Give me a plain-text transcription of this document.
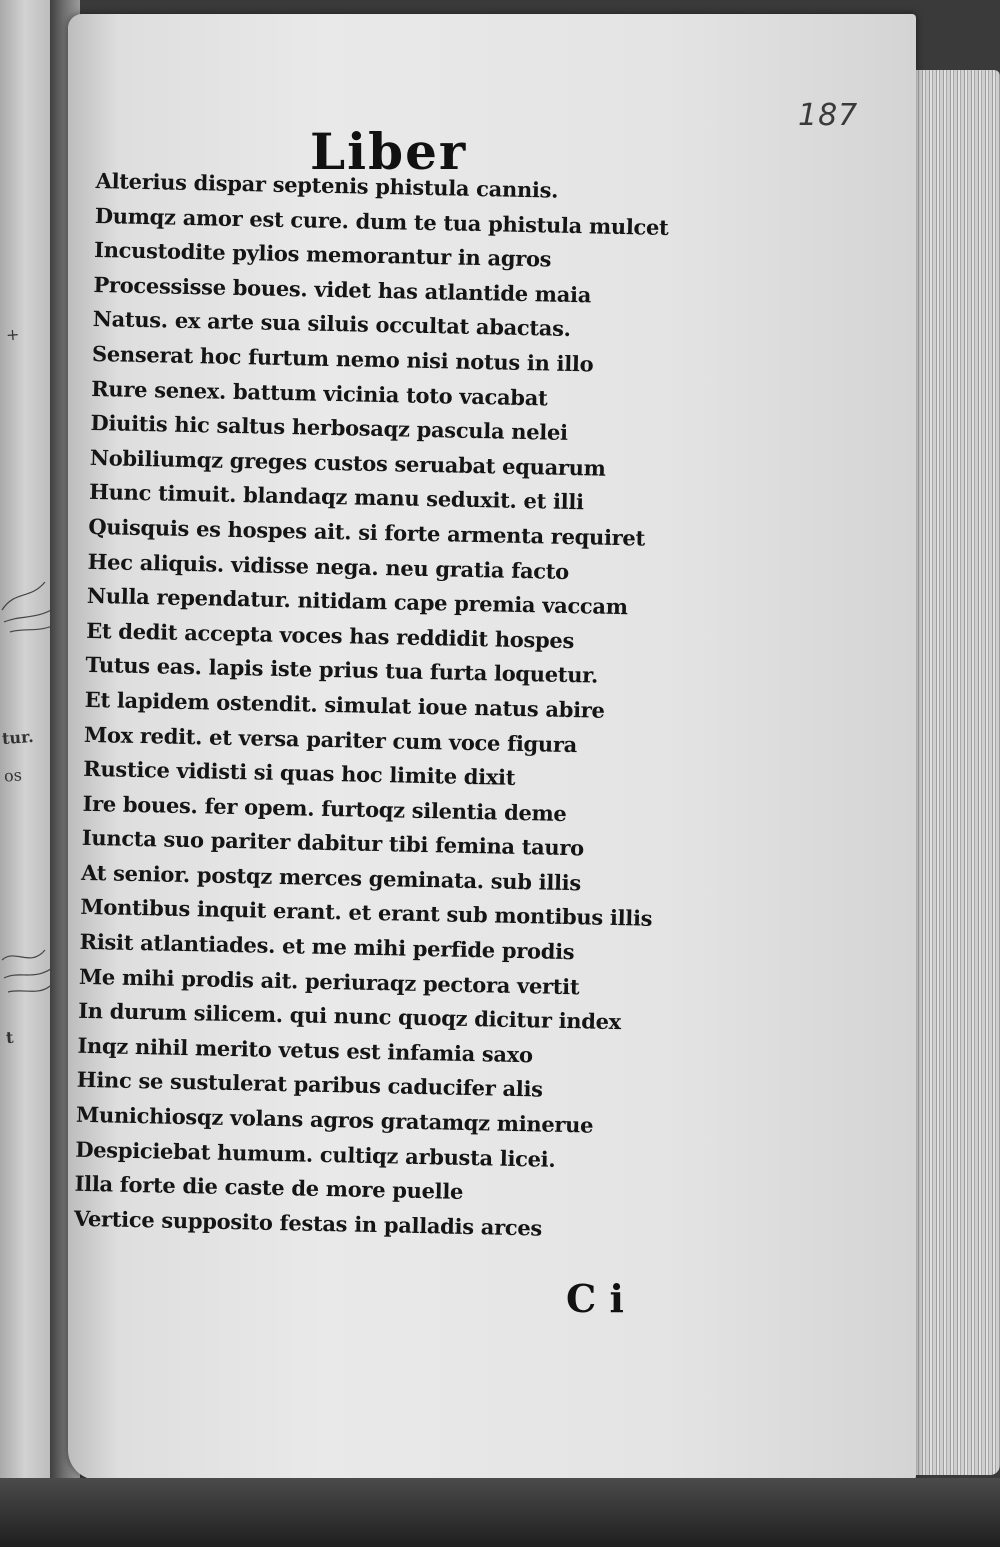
+
tur.
os
t
187
Liber
Alterius dispar septenis phistula cannis.
Dumqz amor est cure. dum te tua phistula mulcet
Incustodite pylios memorantur in agros
Processisse boues. videt has atlantide maia
Natus. ex arte sua siluis occultat abactas.
Senserat hoc furtum nemo nisi notus in illo
Rure senex. battum vicinia toto vacabat
Diuitis hic saltus herbosaqz pascula nelei
Nobiliumqz greges custos seruabat equarum
Hunc timuit. blandaqz manu seduxit. et illi
Quisquis es hospes ait. si forte armenta requiret
Hec aliquis. vidisse nega. neu gratia facto
Nulla rependatur. nitidam cape premia vaccam
Et dedit accepta voces has reddidit hospes
Tutus eas. lapis iste prius tua furta loquetur.
Et lapidem ostendit. simulat ioue natus abire
Mox redit. et versa pariter cum voce figura
Rustice vidisti si quas hoc limite dixit
Ire boues. fer opem. furtoqz silentia deme
Iuncta suo pariter dabitur tibi femina tauro
At senior. postqz merces geminata. sub illis
Montibus inquit erant. et erant sub montibus illis
Risit atlantiades. et me mihi perfide prodis
Me mihi prodis ait. periuraqz pectora vertit
In durum silicem. qui nunc quoqz dicitur index
Inqz nihil merito vetus est infamia saxo
Hinc se sustulerat paribus caducifer alis
Munichiosqz volans agros gratamqz minerue
Despiciebat humum. cultiqz arbusta licei.
Illa forte die caste de more puelle
Vertice supposito festas in palladis arces
C i
